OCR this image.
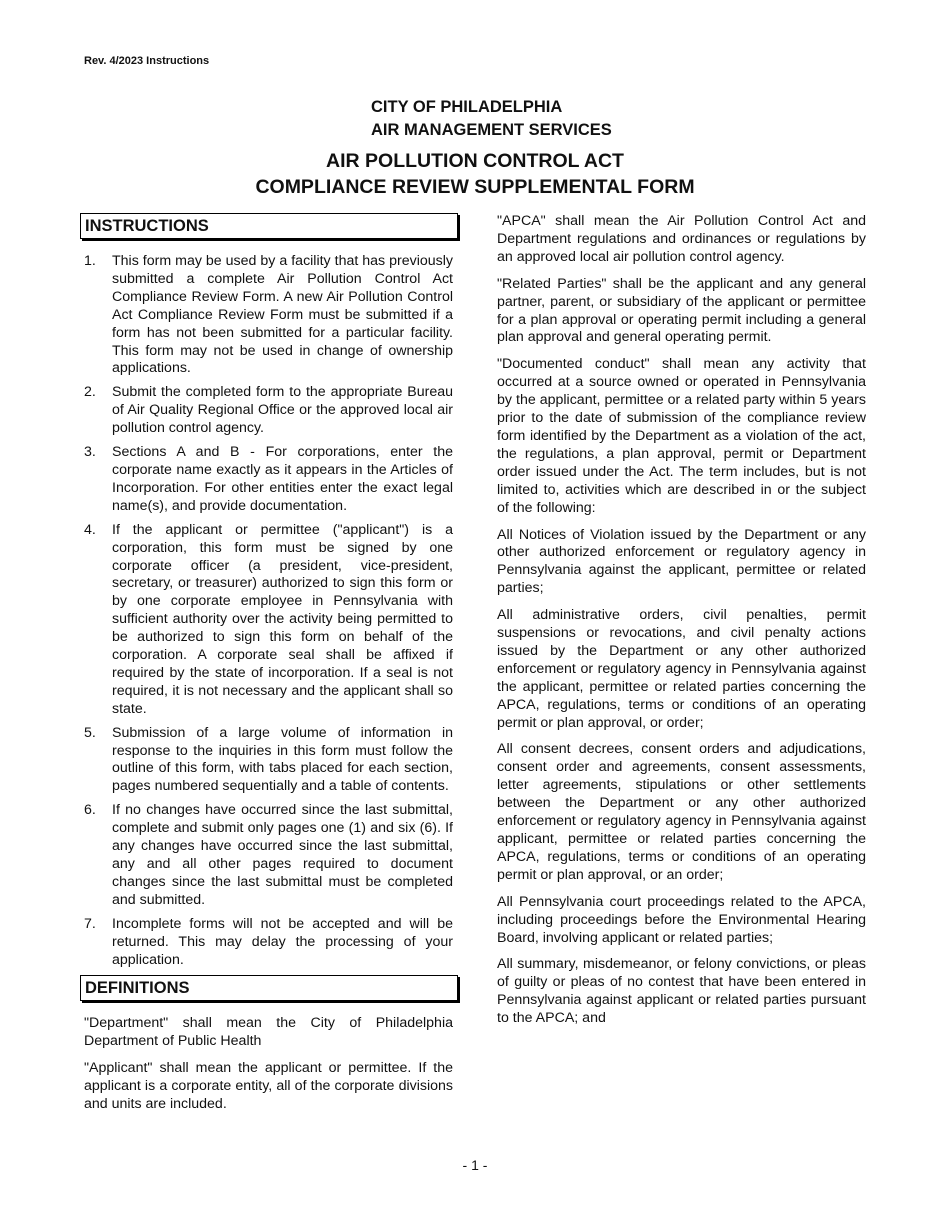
Rev. 4/2023 Instructions
CITY OF PHILADELPHIA
AIR MANAGEMENT SERVICES
AIR POLLUTION CONTROL ACT
COMPLIANCE REVIEW SUPPLEMENTAL FORM
INSTRUCTIONS
1.	This form may be used by a facility that has previously submitted a complete Air Pollution Control Act Compliance Review Form. A new Air Pollution Control Act Compliance Review Form must be submitted if a form has not been submitted for a particular facility. This form may not be used in change of ownership applications.
2.	Submit the completed form to the appropriate Bureau of Air Quality Regional Office or the approved local air pollution control agency.
3.	Sections A and B - For corporations, enter the corporate name exactly as it appears in the Articles of Incorporation. For other entities enter the exact legal name(s), and provide documentation.
4.	If the applicant or permittee ("applicant") is a corporation, this form must be signed by one corporate officer (a president, vice-president, secretary, or treasurer) authorized to sign this form or by one corporate employee in Pennsylvania with sufficient authority over the activity being permitted to be authorized to sign this form on behalf of the corporation. A corporate seal shall be affixed if required by the state of incorporation. If a seal is not required, it is not necessary and the applicant shall so state.
5.	Submission of a large volume of information in response to the inquiries in this form must follow the outline of this form, with tabs placed for each section, pages numbered sequentially and a table of contents.
6.	If no changes have occurred since the last submittal, complete and submit only pages one (1) and six (6). If any changes have occurred since the last submittal, any and all other pages required to document changes since the last submittal must be completed and submitted.
7.	Incomplete forms will not be accepted and will be returned. This may delay the processing of your application.
DEFINITIONS

"Department" shall mean the City of Philadelphia Department of Public Health

"Applicant" shall mean the applicant or permittee. If the applicant is a corporate entity, all of the corporate divisions and units are included.

"APCA" shall mean the Air Pollution Control Act and Department regulations and ordinances or regulations by an approved local air pollution control agency.

"Related Parties" shall be the applicant and any general partner, parent, or subsidiary of the applicant or permittee for a plan approval or operating permit including a general plan approval and general operating permit.

"Documented conduct" shall mean any activity that occurred at a source owned or operated in Pennsylvania by the applicant, permittee or a related party within 5 years prior to the date of submission of the compliance review form identified by the Department as a violation of the act, the regulations, a plan approval, permit or Department order issued under the Act. The term includes, but is not limited to, activities which are described in or the subject of the following:

All Notices of Violation issued by the Department or any other authorized enforcement or regulatory agency in Pennsylvania against the applicant, permittee or related parties;

All administrative orders, civil penalties, permit suspensions or revocations, and civil penalty actions issued by the Department or any other authorized enforcement or regulatory agency in Pennsylvania against the applicant, permittee or related parties concerning the APCA, regulations, terms or conditions of an operating permit or plan approval, or order;

All consent decrees, consent orders and adjudications, consent order and agreements, consent assessments, letter agreements, stipulations or other settlements between the Department or any other authorized enforcement or regulatory agency in Pennsylvania against applicant, permittee or related parties concerning the APCA, regulations, terms or conditions of an operating permit or plan approval, or an order;

All Pennsylvania court proceedings related to the APCA, including proceedings before the Environmental Hearing Board, involving applicant or related parties;

All summary, misdemeanor, or felony convictions, or pleas of guilty or pleas of no contest that have been entered in Pennsylvania against applicant or related parties pursuant to the APCA; and

- 1 -
